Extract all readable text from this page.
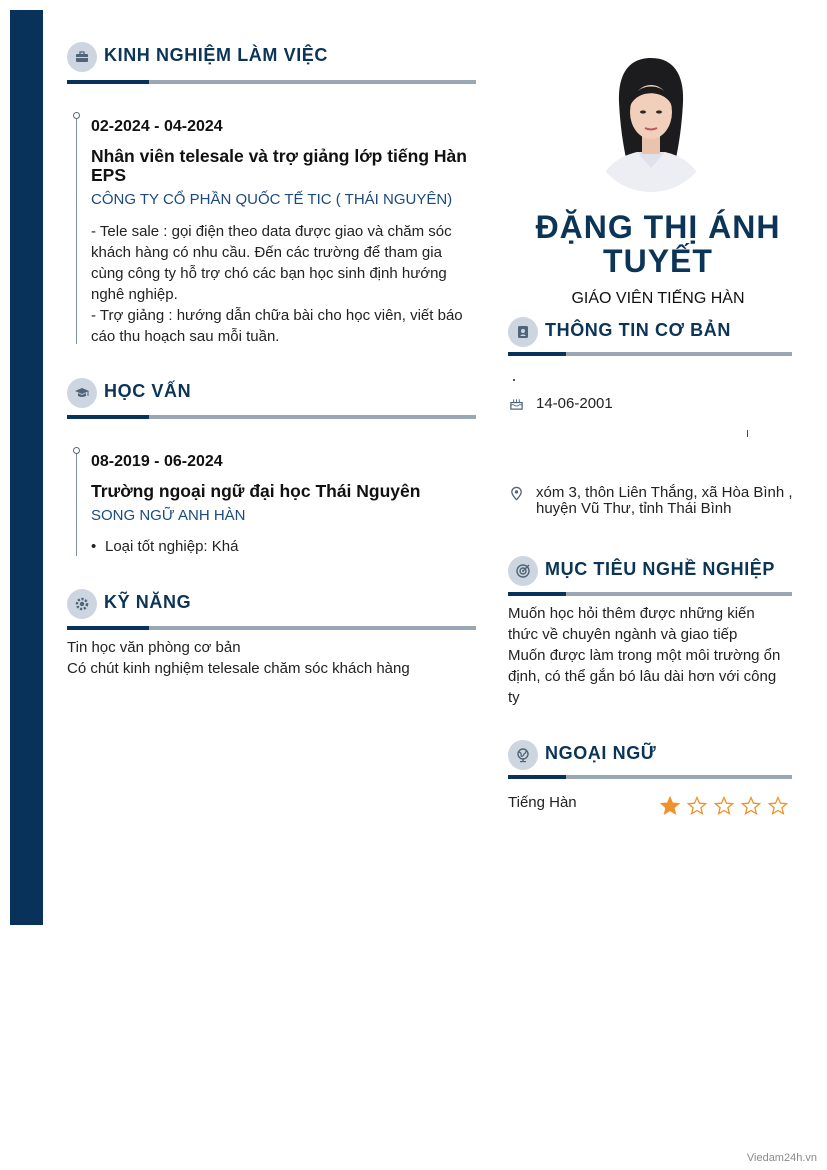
KINH NGHIỆM LÀM VIỆC
02-2024 - 04-2024
Nhân viên telesale và trợ giảng lớp tiếng Hàn
EPS
CÔNG TY CỔ PHẦN QUỐC TẾ TIC ( THÁI NGUYÊN)
- Tele sale : gọi điện theo data được giao và chăm sóc
khách hàng có nhu cầu. Đến các trường để tham gia
cùng công ty hỗ trợ chó các bạn học sinh định hướng
nghê nghiệp.
- Trợ giảng : hướng dẫn chữa bài cho học viên, viết báo
cáo thu hoạch sau mỗi tuần.
HỌC VẤN
08-2019 - 06-2024
Trường ngoại ngữ đại học Thái Nguyên
SONG NGỮ ANH HÀN
• Loại tốt nghiệp: Khá
KỸ NĂNG
Tin học văn phòng cơ bản
Có chút kinh nghiệm telesale chăm sóc khách hàng
ĐẶNG THỊ ÁNH
TUYẾT
GIÁO VIÊN TIẾNG HÀN
THÔNG TIN CƠ BẢN
14-06-2001
xóm 3, thôn Liên Thắng, xã Hòa Bình ,
huyện Vũ Thư, tỉnh Thái Bình
MỤC TIÊU NGHỀ NGHIỆP
Muốn học hỏi thêm được những kiến
thức về chuyên ngành và giao tiếp
Muốn được làm trong một môi trường ổn
định, có thể gắn bó lâu dài hơn với công
ty
NGOẠI NGỮ
Tiếng Hàn
Viedam24h.vn
